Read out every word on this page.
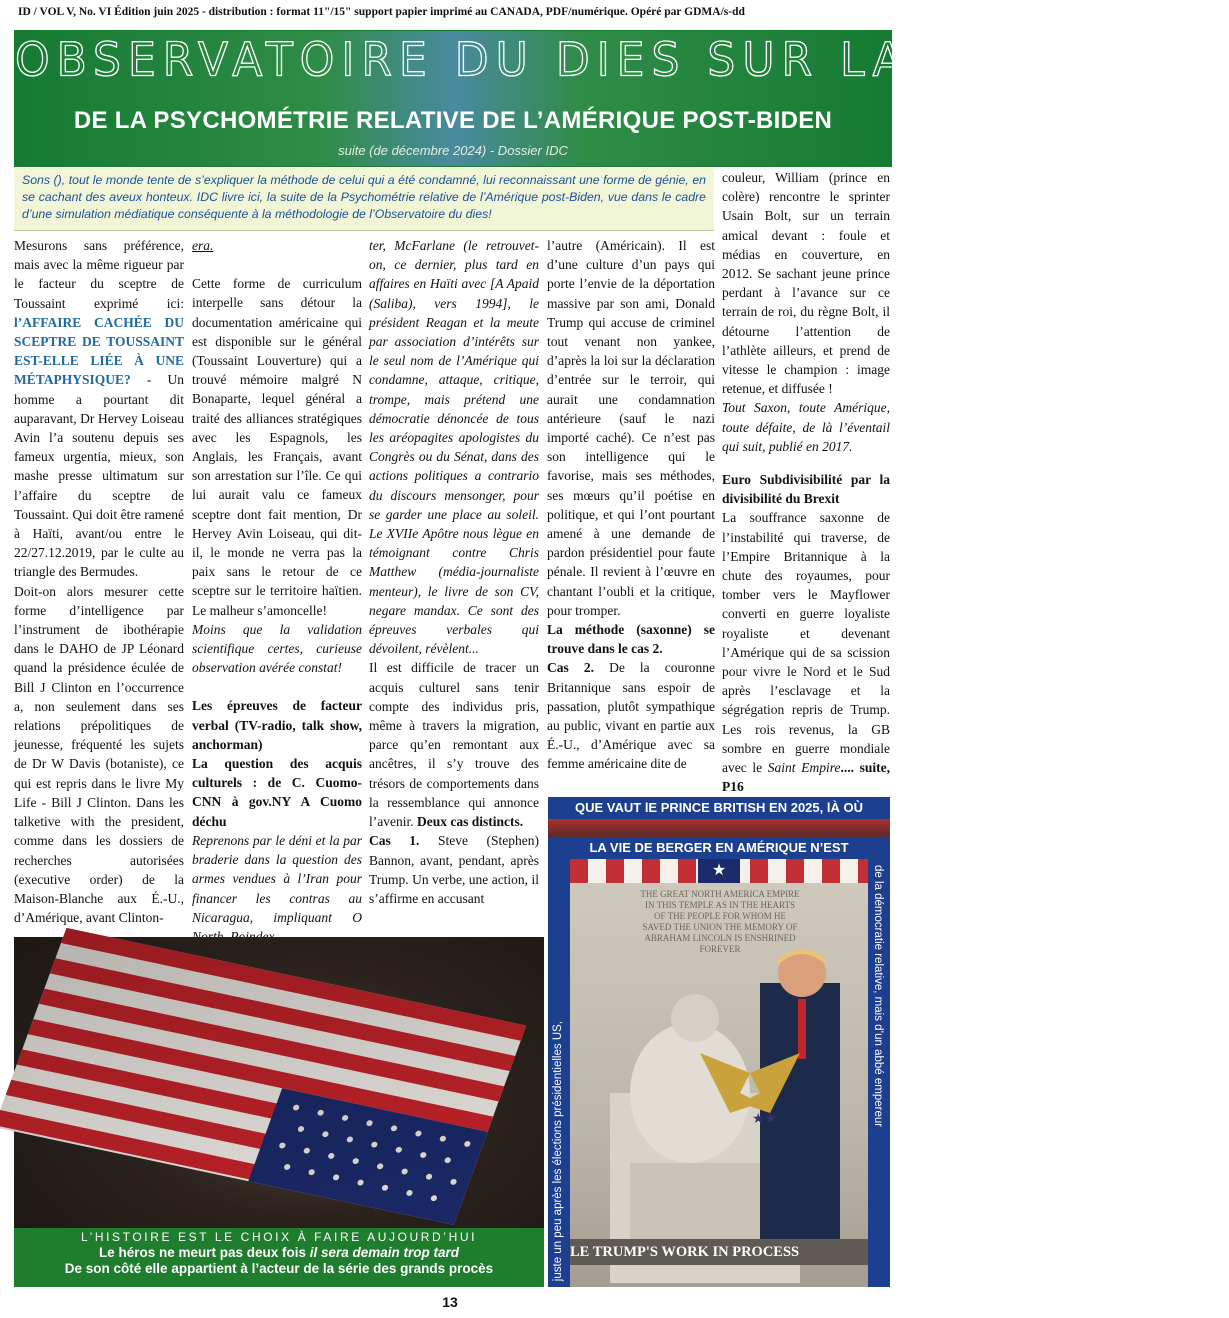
ID / VOL V, No. VI Édition juin 2025 - distribution : format 11"/15" support papier imprimé au CANADA, PDF/numérique. Opéré par GDMA/s-dd
OBSERVATOIRE DU DIES SUR LA GEOCYBER
DE LA PSYCHOMÉTRIE RELATIVE DE L’AMÉRIQUE POST-BIDEN
suite (de décembre 2024) - Dossier IDC

Sons (), tout le monde tente de s’expliquer la méthode de celui qui a été condamné, lui reconnaissant une forme de génie, en se cachant des aveux honteux. IDC livre ici, la suite de la Psychométrie relative de l’Amérique post-Biden, vue dans le cadre d’une simulation médiatique conséquente à la méthodologie de l’Observatoire du dies!

Mesurons sans préférence, mais avec la même rigueur par le facteur du sceptre de Toussaint exprimé ici: l’AFFAIRE CACHÉE DU SCEPTRE DE TOUSSAINT EST-ELLE LIÉE À UNE MÉTAPHYSIQUE? - Un homme a pourtant dit auparavant, Dr Hervey Loiseau Avin l’a soutenu depuis ses fameux urgentia, mieux, son mashe presse ultimatum sur l’affaire du sceptre de Toussaint. Qui doit être ramené à Haïti, avant/ou entre le 22/27.12.2019, par le culte au triangle des Bermudes.

Doit-on alors mesurer cette forme d’intelligence par l’instrument de ibothérapie dans le DAHO de JP Léonard quand la présidence éculée de Bill J Clinton en l’occurrence a, non seulement dans ses relations prépolitiques de jeunesse, fréquenté les sujets de Dr W Davis (botaniste), ce qui est repris dans le livre My Life - Bill J Clinton. Dans les talketive with the president, comme dans les dossiers de recherches autorisées (executive order) de la Maison-Blanche aux É.-U., d’Amérique, avant Clinton-

era.

Cette forme de curriculum interpelle sans détour la documentation américaine qui est disponible sur le général (Toussaint Louverture) qui a trouvé mémoire malgré N Bonaparte, lequel général a traité des alliances stratégiques avec les Espagnols, les Anglais, les Français, avant son arrestation sur l’île. Ce qui lui aurait valu ce fameux sceptre dont fait mention, Dr Hervey Avin Loiseau, qui dit-il, le monde ne verra pas la paix sans le retour de ce sceptre sur le territoire haïtien. Le malheur s’amoncelle!

Moins que la validation scientifique certes, curieuse observation avérée constat!

Les épreuves de facteur verbal (TV-radio, talk show, anchorman)

La question des acquis culturels : de C. Cuomo-CNN à gov.NY A Cuomo déchu

Reprenons par le déni et la par braderie dans la question des armes vendues à l’Iran pour financer les contras au Nicaragua, impliquant O

ter, McFarlane (le retrouvet-on, ce dernier, plus tard en affaires en Haïti avec [A Apaid (Saliba), vers 1994], le président Reagan et la meute par association d’intérêts sur le seul nom de l’Amérique qui condamne, attaque, critique, trompe, mais prétend une démocratie dénoncée de tous les aréopagites apologistes du Congrès ou du Sénat, dans des actions politiques a contrario du discours mensonger, pour se garder une place au soleil. Le XVIIe Apôtre nous lègue en témoignant contre Chris Matthew (média-journaliste menteur), le livre de son CV, negare mandax. Ce sont des épreuves verbales qui dévoilent, révèlent...

Il est difficile de tracer un acquis culturel sans tenir compte des individus pris, même à travers la migration, parce qu’en remontant aux ancêtres, il s’y trouve des trésors de comportements dans la ressemblance qui annonce l’avenir. Deux cas distincts.

Cas 1. Steve (Stephen) Bannon, avant, pendant, après Trump. Un verbe, une action, il s’affirme en accusant

l’autre (Américain). Il est d’une culture d’un pays qui porte l’envie de la déportation massive par son ami, Donald Trump qui accuse de criminel tout venant non yankee, d’après la loi sur la déclaration d’entrée sur le terroir, qui aurait une condamnation antérieure (sauf le nazi importé caché). Ce n’est pas son intelligence qui le favorise, mais ses méthodes, ses mœurs qu’il poétise en politique, et qui l’ont pourtant amené à une demande de pardon présidentiel pour faute pénale. Il revient à l’œuvre en chantant l’oubli et la critique, pour tromper.

La méthode (saxonne) se trouve dans le cas 2.

Cas 2. De la couronne Britannique sans espoir de passation, plutôt sympathique au public, vivant en partie aux É.-U., d’Amérique avec sa femme américaine dite de

couleur, William (prince en colère) rencontre le sprinter Usain Bolt, sur un terrain amical devant : foule et médias en couverture, en 2012. Se sachant jeune prince perdant à l’avance sur ce terrain de roi, du règne Bolt, il détourne l’attention de l’athlète ailleurs, et prend de vitesse le champion : image retenue, et diffusée !

Tout Saxon, toute Amérique, toute défaite, de là l’éventail qui suit, publié en 2017.

Euro Subdivisibilité par la divisibilité du Brexit

La souffrance saxonne de l’instabilité qui traverse, de l’Empire Britannique à la chute des royaumes, pour tomber vers le Mayflower converti en guerre loyaliste royaliste et devenant l’Amérique qui de sa scission pour vivre le Nord et le Sud après l’esclavage et la ségrégation repris de Trump. Les rois revenus, la GB sombre en guerre mondiale avec le Saint Empire.... suite, P16

L’HISTOIRE EST LE CHOIX À FAIRE AUJOURD’HUI
Le héros ne meurt pas deux fois il sera demain trop tard
De son côté elle appartient à l’acteur de la série des grands procès
QUE VAUT lE PRINCE BRITISH EN 2025, lÀ OÙ
LA VIE DE BERGER EN AMÉRIQUE N’EST
★
THE GREAT NORTH AMERICA EMPIRE IN THIS TEMPLE AS IN THE HEARTS OF THE PEOPLE FOR WHOM HE SAVED THE UNION THE MEMORY OF ABRAHAM LINCOLN IS ENSHRINED FOREVER
★★
juste un peu après les élections présidentielles US,
de la démocratie relative, mais d’un abbé empereur
LE TRUMP'S WORK IN PROCESS
13
